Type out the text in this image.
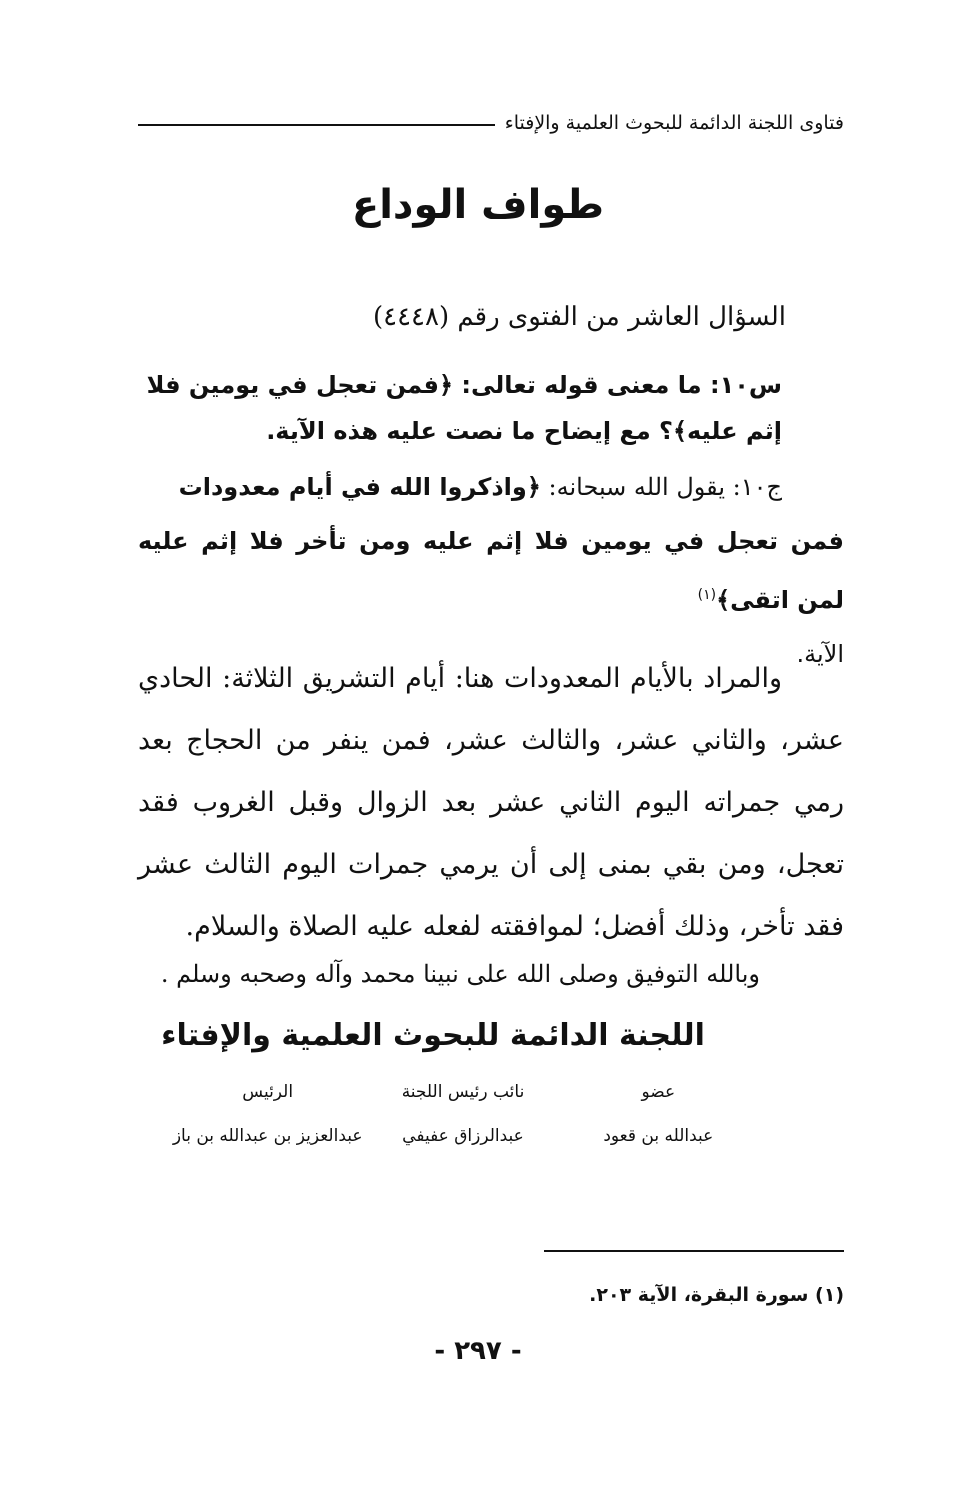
فتاوى اللجنة الدائمة للبحوث العلمية والإفتاء
طواف الوداع
السؤال العاشر من الفتوى رقم (٤٤٤٨)
س١٠: ما معنى قوله تعالى: ﴿فمن تعجل في يومين فلا
إثم عليه﴾؟ مع إيضاح ما نصت عليه هذه الآية.
ج١٠: يقول الله سبحانه: ﴿واذكروا الله في أيام معدودات
فمن تعجل في يومين فلا إثم عليه ومن تأخر فلا إثم عليه لمن اتقى﴾$^{(١)}$
الآية.
والمراد بالأيام المعدودات هنا: أيام التشريق الثلاثة: الحادي عشر، والثاني عشر، والثالث عشر، فمن ينفر من الحجاج بعد رمي جمراته اليوم الثاني عشر بعد الزوال وقبل الغروب فقد تعجل، ومن بقي بمنى إلى أن يرمي جمرات اليوم الثالث عشر فقد تأخر، وذلك أفضل؛ لموافقته لفعله عليه الصلاة والسلام.
وبالله التوفيق وصلى الله على نبينا محمد وآله وصحبه وسلم .
اللجنة الدائمة للبحوث العلمية والإفتاء
عضو
نائب رئيس اللجنة
الرئيس
عبدالله بن قعود
عبدالرزاق عفيفي
عبدالعزيز بن عبدالله بن باز
(١) سورة البقرة، الآية ٢٠٣.
- ٢٩٧ -
